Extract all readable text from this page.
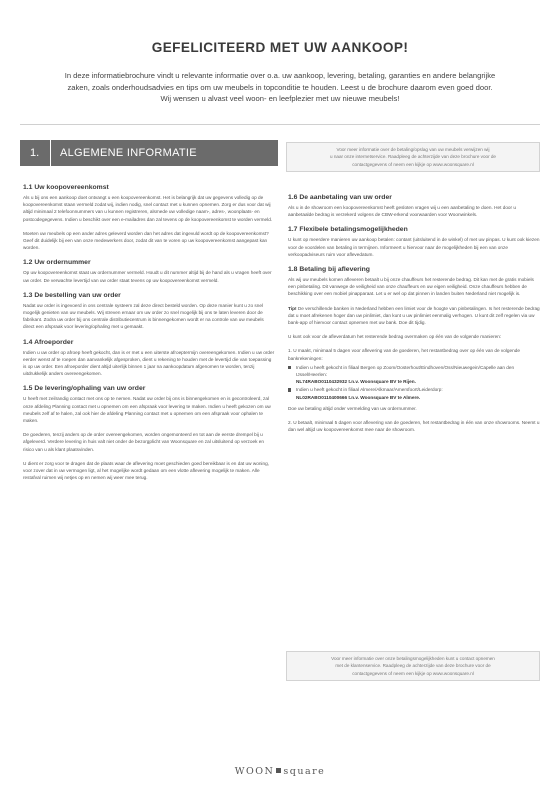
GEFELICITEERD MET UW AANKOOP!

In deze informatiebrochure vindt u relevante informatie over o.a. uw aankoop, levering, betaling, garanties en andere belangrijke

zaken, zoals onderhoudsadvies en tips om uw meubels in topconditie te houden. Leest u de brochure daarom even goed door.

Wij wensen u alvast veel woon- en leefplezier met uw nieuwe meubels!

1. ALGEMENE INFORMATIE	Voor meer informatie over de betaling/opslag van uw meubels verwijzen wij
u naar onze internetservice. Raadpleeg de achterzijde van deze brochure voor de
contactgegevens of neem een kijkje op www.woonsquare.nl
1.1 Uw koopovereenkomst

Als u bij ons een aankoop doet ontvangt u een koopovereenkomst. Het is belangrijk dat uw gegevens volledig op de koopovereenkomst staan vermeld zodat wij, indien nodig, snel contact met u kunnen opnemen. Zorg er dus voor dat wij altijd minimaal 2 telefoonnummers van u kunnen registreren, alsmede uw volledige naam-, adres-, woonplaats- en postcodegegevens. Indien u beschikt over een e-mailadres dan zal tevens op de koopovereenkomst te worden vermeld.

Moeten uw meubels op een ander adres geleverd worden dan het adres dat ingevuld wordt op de koopovereenkomst? Geef dit duidelijk bij een van onze medewerkers door, zodat dit van te voren op uw koopovereenkomst aangepast kan worden.

1.2 Uw ordernummer

Op uw koopovereenkomst staat uw ordernummer vermeld. Houdt u dit nummer altijd bij de hand als u vragen heeft over uw order. De verwachte levertijd van uw order staat tevens op uw koopovereenkomst vermeld.

1.3 De bestelling van uw order

Nadat uw order is ingevoerd in ons centrale systeem zal deze direct besteld worden. Op deze manier kunt u zo snel mogelijk genieten van uw meubels. Wij streven ernaar om uw order zo snel mogelijk bij ons te laten leveren door de fabrikant. Zodra uw order bij ons centrale distributiecentrum is binnengekomen wordt er na controle van uw meubels direct een afspraak voor levering/ophaling met u gemaakt.

1.4 Afroeporder

Indien u uw order op afroep heeft gekocht, dan is er met u een uiterste afroeptermijn overeengekomen. Indien u uw order eerder wenst af te roepen dan aanvankelijk afgesproken, dient u rekening te houden met de levertijd die van toepassing is op uw order. Een afroeporder dient altijd uiterlijk binnen 1 jaar na aankoopdatum afgenomen te worden, tenzij uitdrukkelijk anders overeengekomen.

1.5 De levering/ophaling van uw order

U heeft met zeilrandig contact met ons op te nemen. Nadat uw order bij ons is binnengekomen en is gecontroleerd, zal onze afdeling Planning contact met u opnemen om een afspraak voor levering te maken. Indien u heeft gekozen om uw meubels zelf af te halen, zal ook hier de afdeling Planning contact met u opnemen om een afspraak voor ophalen te maken.

De goederen, tenzij anders op de order overeengekomen, worden ongemonteerd en tot aan de eerste drempel bij u afgeleverd. Verdere levering in huis valt niet onder de bezorgplicht van Woonsquare en zal uitsluitend op verzoek en risico van u als klant plaatsvinden.

U dient er zorg voor te dragen dat de plaats waar de aflevering moet geschieden goed bereikbaar is en dat uw woning, voor zover dat in uw vermogen ligt, al het mogelijke wordt gedaan om een vlotte aflevering mogelijk te maken. Alle restafval ruimen wij netjes op en nemen wij weer mee terug.

1.6 De aanbetaling van uw order

Als u in de showroom een koopovereenkomst heeft gesloten vragen wij u een aanbetaling te doen. Het door u aanbetaalde bedrag is verzekerd volgens de CBW-erkend voorwaarden voor Woonwinkels.

1.7 Flexibele betalingsmogelijkheden

U kunt op meerdere manieren uw aankoop betalen: contant (uitsluitend in de winkel) of met uw pinpas. U kunt ook kiezen voor de voordelen van betaling in termijnen. Informeert u hiervoor naar de mogelijkheden bij een van onze verkoopadviseurs ruim voor aflevedatum.

1.8 Betaling bij aflevering

Als wij uw meubels komen afleveren betaalt u bij onze chauffeurs het resterende bedrag. Dit kan met de gratis mobiels een pinbetaling. Dit vanwege de veiligheid van onze chauffeurs en uw eigen veiligheid. Onze chauffeurs hebben de beschikking over een mobiel pinapparaat. Let u er wel op dat pinnen in landen buiten Nederland niet mogelijk is.

Tip! De verschillende banken in Nederland hebben een limiet voor de hoogte van pinbetalingen. Is het resterende bedrag dat u moet afrekenen hoger dan uw pinlimiet, dan kunt u uw pinlimiet eenmalig verhogen. U kunt dit zelf regelen via uw bank-app of hiervoor contact opnemen met uw bank. Doe dit tijdig.

U kunt ook voor de afleverdatum het resterende bedrag overmaken op één van de volgende manieren:

1. U maakt, minimaal 5 dagen voor aflevering van de goederen, het restantbedrag over op één van de volgende bankrekeningen:

Indien u heeft gekocht in filiaal Bergen op Zoom/Oosterhout/Eindhoven/Oss/Nieuwegein/Capelle aan den IJssel/Heerlen:
NL74RABO0110432932 t.n.v. Woonsquare BV te Rijen.
Indien u heeft gekocht in filiaal Almere/Alkmaar/Amersfoort/Leiderdorp:
NL02RABO0110400666 t.n.v. Woonsquare BV te Almere.

Doe uw betaling altijd onder vermelding van uw ordernummer.

2. U betaalt, minimaal 5 dagen voor aflevering van de goederen, het restantbedrag in één van onze showrooms. Neemt u dan wel altijd uw koopovereenkomst mee naar de showroom.

Voor meer informatie over onze betalingsmogelijkheden kunt u contact opnemen
met de klantenservice. Raadpleeg de achterzijde van deze brochure voor de
contactgegevens of neem een kijkje op www.woonsquare.nl
WOON square
